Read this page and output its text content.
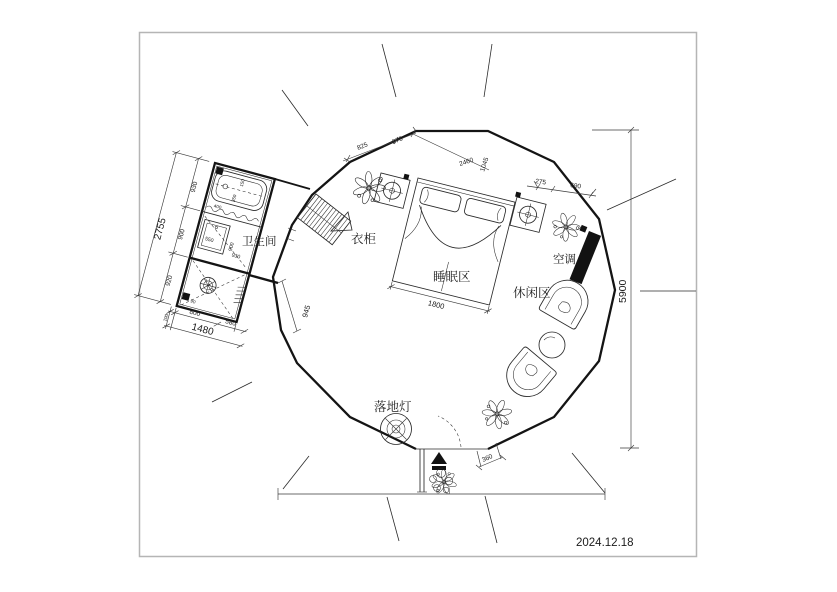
400
350
150
550
900
930
90
930
900
920
2755
100	800
580
1480
卫生间
945
衣柜
1800
睡眠区
空调
休闲区
落地灯
360
825
275
2460 1045
275	690
5900
2024.12.18
